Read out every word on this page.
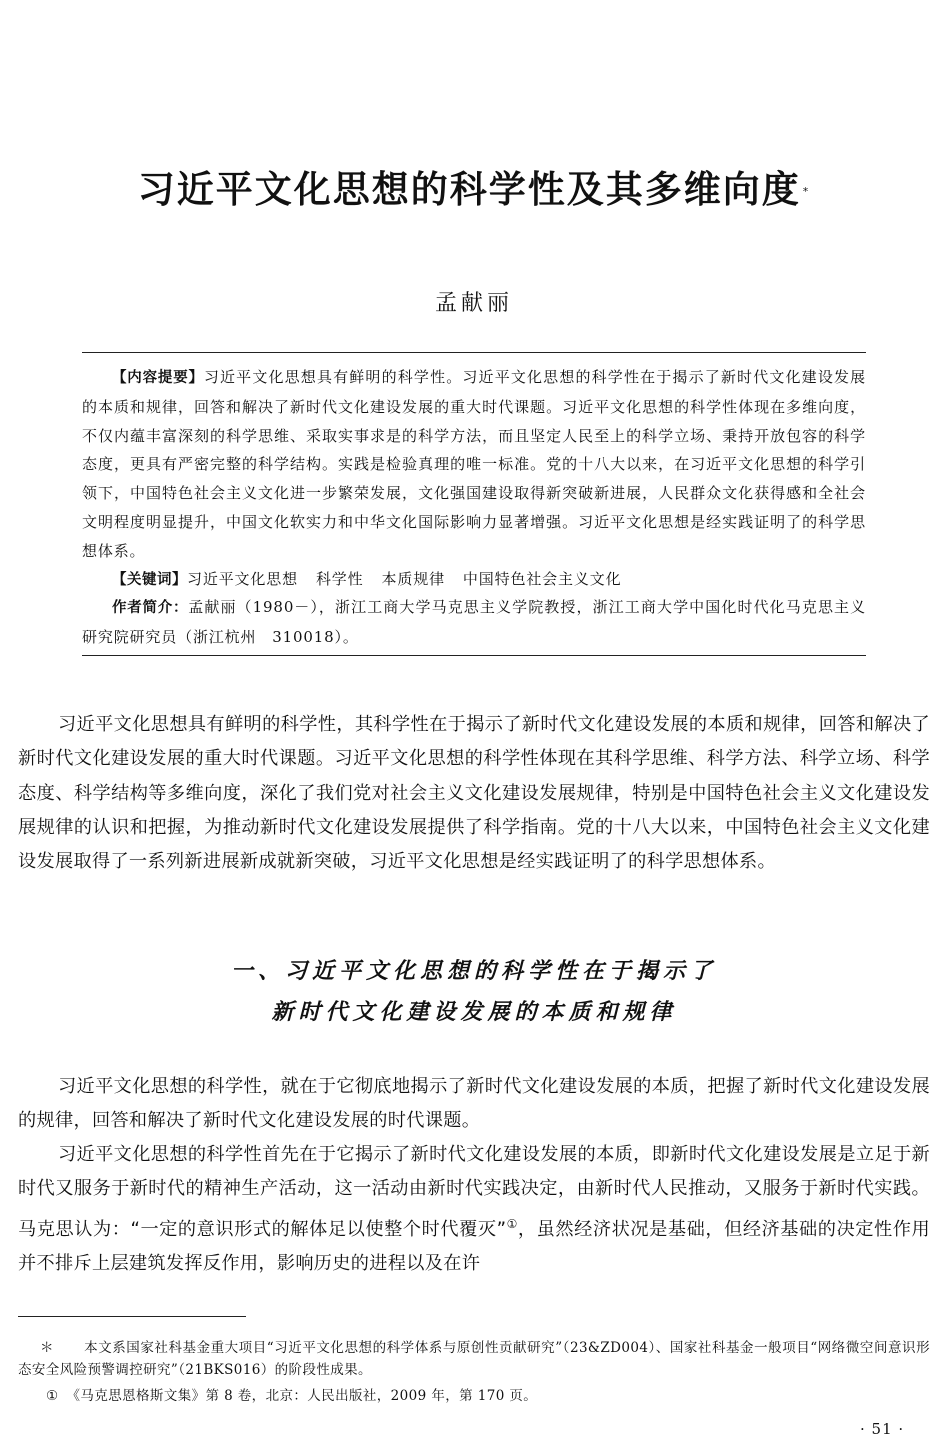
习近平文化思想的科学性及其多维向度 *
孟献丽

【内容提要】习近平文化思想具有鲜明的科学性。习近平文化思想的科学性在于揭示了新时代文化建设发展的本质和规律，回答和解决了新时代文化建设发展的重大时代课题。习近平文化思想的科学性体现在多维向度，不仅内蕴丰富深刻的科学思维、采取实事求是的科学方法，而且坚定人民至上的科学立场、秉持开放包容的科学态度，更具有严密完整的科学结构。实践是检验真理的唯一标准。党的十八大以来，在习近平文化思想的科学引领下，中国特色社会主义文化进一步繁荣发展，文化强国建设取得新突破新进展，人民群众文化获得感和全社会文明程度明显提升，中国文化软实力和中华文化国际影响力显著增强。习近平文化思想是经实践证明了的科学思想体系。

【关键词】习近平文化思想 科学性 本质规律 中国特色社会主义文化

作者简介：孟献丽（1980－），浙江工商大学马克思主义学院教授，浙江工商大学中国化时代化马克思主义研究院研究员（浙江杭州　310018）。

习近平文化思想具有鲜明的科学性，其科学性在于揭示了新时代文化建设发展的本质和规律，回答和解决了新时代文化建设发展的重大时代课题。习近平文化思想的科学性体现在其科学思维、科学方法、科学立场、科学态度、科学结构等多维向度，深化了我们党对社会主义文化建设发展规律，特别是中国特色社会主义文化建设发展规律的认识和把握，为推动新时代文化建设发展提供了科学指南。党的十八大以来，中国特色社会主义文化建设发展取得了一系列新进展新成就新突破，习近平文化思想是经实践证明了的科学思想体系。

一、习近平文化思想的科学性在于揭示了
新时代文化建设发展的本质和规律

习近平文化思想的科学性，就在于它彻底地揭示了新时代文化建设发展的本质，把握了新时代文化建设发展的规律，回答和解决了新时代文化建设发展的时代课题。

习近平文化思想的科学性首先在于它揭示了新时代文化建设发展的本质，即新时代文化建设发展是立足于新时代又服务于新时代的精神生产活动，这一活动由新时代实践决定，由新时代人民推动，又服务于新时代实践。马克思认为：“一定的意识形式的解体足以使整个时代覆灭”①，虽然经济状况是基础，但经济基础的决定性作用并不排斥上层建筑发挥反作用，影响历史的进程以及在许

＊ 本文系国家社科基金重大项目“习近平文化思想的科学体系与原创性贡献研究”（23&ZD004）、国家社科基金一般项目“网络微空间意识形态安全风险预警调控研究”（21BKS016）的阶段性成果。

① 《马克思恩格斯文集》第 8 卷，北京：人民出版社，2009 年，第 170 页。

· 51 ·
